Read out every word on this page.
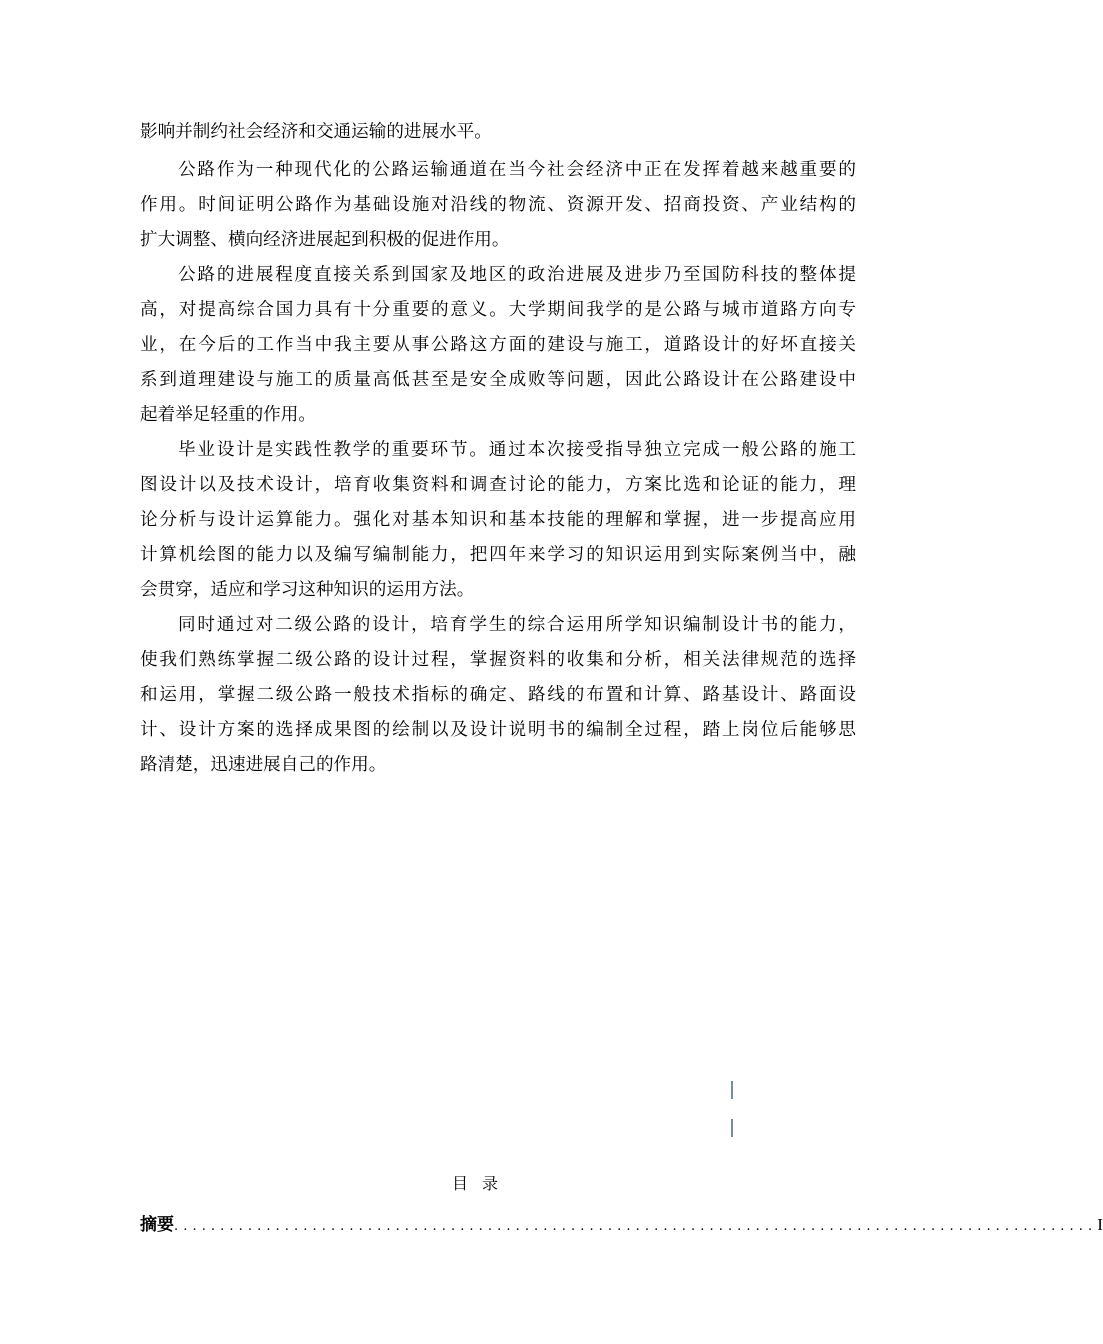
影响并制约社会经济和交通运输的进展水平。
公路作为一种现代化的公路运输通道在当今社会经济中正在发挥着越来越重要的
作用。时间证明公路作为基础设施对沿线的物流、资源开发、招商投资、产业结构的
扩大调整、横向经济进展起到积极的促进作用。
公路的进展程度直接关系到国家及地区的政治进展及进步乃至国防科技的整体提
高，对提高综合国力具有十分重要的意义。大学期间我学的是公路与城市道路方向专
业，在今后的工作当中我主要从事公路这方面的建设与施工，道路设计的好坏直接关
系到道理建设与施工的质量高低甚至是安全成败等问题，因此公路设计在公路建设中
起着举足轻重的作用。
毕业设计是实践性教学的重要环节。通过本次接受指导独立完成一般公路的施工
图设计以及技术设计，培育收集资料和调查讨论的能力，方案比选和论证的能力，理
论分析与设计运算能力。强化对基本知识和基本技能的理解和掌握，进一步提高应用
计算机绘图的能力以及编写编制能力，把四年来学习的知识运用到实际案例当中，融
会贯穿，适应和学习这种知识的运用方法。
同时通过对二级公路的设计，培育学生的综合运用所学知识编制设计书的能力，
使我们熟练掌握二级公路的设计过程，掌握资料的收集和分析，相关法律规范的选择
和运用，掌握二级公路一般技术指标的确定、路线的布置和计算、路基设计、路面设
计、设计方案的选择成果图的绘制以及设计说明书的编制全过程，踏上岗位后能够思
路清楚，迅速进展自己的作用。
目录
摘要 .................................................................................................... I
